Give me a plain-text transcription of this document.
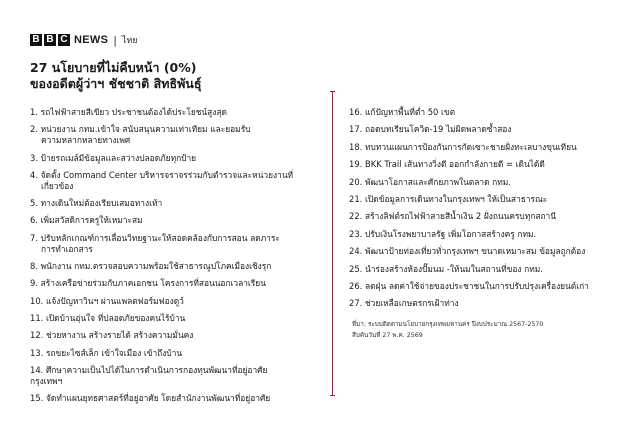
B B C NEWS | ไทย
27 นโยบายที่ไม่คืบหน้า (0%)
ของอดีตผู้ว่าฯ ชัชชาติ สิทธิพันธุ์
1. รถไฟฟ้าสายสีเขียว ประชาชนต้องได้ประโยชน์สูงสุด
2. หน่วยงาน กทม.เข้าใจ สนับสนุนความเท่าเทียม และยอมรับ
ความหลากหลายทางเพศ
3. ป้ายรถเมล์มีข้อมูลและสว่างปลอดภัยทุกป้าย
4. จัดตั้ง Command Center บริหารจราจรร่วมกับตำรวจและหน่วยงานที่
เกี่ยวข้อง
5. ทางเดินใหม่ต้องเรียบเสมอทางเท้า
6. เพิ่มสวัสดิการครูให้เหมาะสม
7. ปรับหลักเกณฑ์การเลื่อนวิทยฐานะให้สอดคล้องกับการสอน ลดภาระ
การทำเอกสาร
8. พนักงาน กทม.ตรวจสอบความพร้อมใช้สาธารณูปโภคเมืองเชิงรุก
9. สร้างเครือข่ายร่วมกับภาคเอกชน โครงการที่สอนนอกเวลาเรียน
10. แจ้งปัญหาวินฯ ผ่านแพลตฟอร์มฟองดูว์
11. เปิดบ้านอุ่นใจ ที่ปลอดภัยของคนไร้บ้าน
12. ช่วยหางาน สร้างรายได้ สร้างความมั่นคง
13. รถขยะไซส์เล็ก เข้าใจเมือง เข้าถึงบ้าน
14. ศึกษาความเป็นไปได้ในการดำเนินการกองทุนพัฒนาที่อยู่อาศัยกรุงเทพฯ
15. จัดทำแผนยุทธศาสตร์ที่อยู่อาศัย โดยสำนักงานพัฒนาที่อยู่อาศัย
16. แก้ปัญหาพื้นที่ต่ำ 50 เขต
17. ถอดบทเรียนโควิด-19 ไม่ผิดพลาดซ้ำสอง
18. ทบทวนแผนการป้องกันการกัดเซาะชายฝั่งทะเลบางขุนเทียน
19. BKK Trail เส้นทางวิ่งดี ออกกำลังกายดี = เดินได้ดี
20. พัฒนาโอกาสและศักยภาพในตลาด กทม.
21. เปิดข้อมูลการเดินทางในกรุงเทพฯ ให้เป็นสาธารณะ
22. สร้างลิฟต์รถไฟฟ้าสายสีน้ำเงิน 2 ฝั่งถนนครบทุกสถานี
23. ปรับเงินโรงพยาบาลรัฐ เพิ่มโอกาสสร้างครู กทม.
24. พัฒนาป้ายท่องเที่ยวทั่วกรุงเทพฯ ขนาดเหมาะสม ข้อมูลถูกต้อง
25. นำร่องสร้างห้องปั๊มนม -ให้นมในสถานที่ของ กทม.
26. ลดฝุ่น ลดค่าใช้จ่ายของประชาชนในการปรับปรุงเครื่องยนต์เก่า
27. ช่วยเหลือเกษตรกรเฝ้าท่าง
ที่มา: ระบบติดตามนโยบายกรุงเทพมหานคร ปีงบประมาณ 2567-2570
สืบค้นวันที่ 27 พ.ค. 2569
